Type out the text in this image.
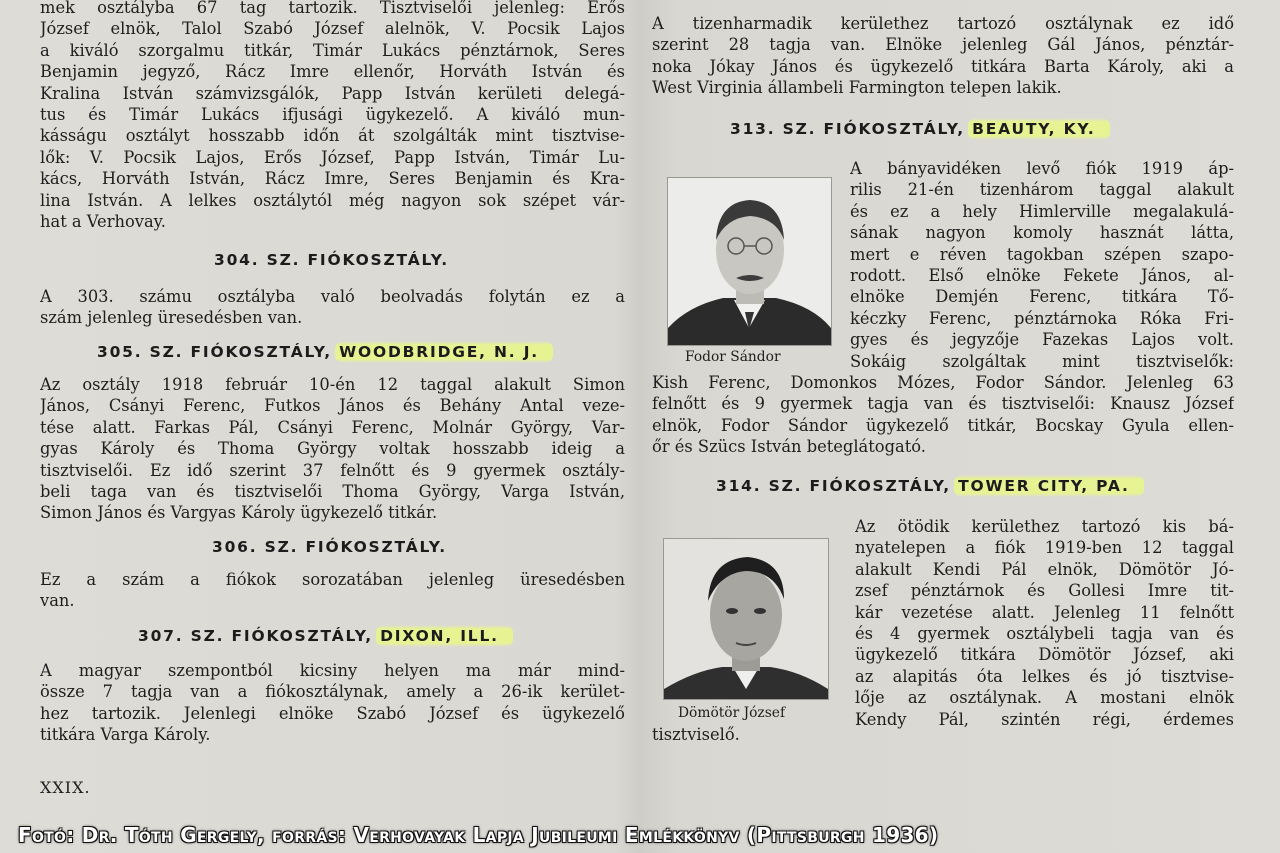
mek osztályba 67 tag tartozik. Tisztviselői jelenleg: Erős
József elnök, Talol Szabó József alelnök, V. Pocsik Lajos
a kiváló szorgalmu titkár, Timár Lukács pénztárnok, Seres
Benjamin jegyző, Rácz Imre ellenőr, Horváth István és
Kralina István számvizsgálók, Papp István kerületi delegá-
tus és Timár Lukács ifjusági ügykezelő. A kiváló mun-
kásságu osztályt hosszabb időn át szolgálták mint tisztvise-
lők: V. Pocsik Lajos, Erős József, Papp István, Timár Lu-
kács, Horváth István, Rácz Imre, Seres Benjamin és Kra-
lina István. A lelkes osztálytól még nagyon sok szépet vár-
hat a Verhovay.
304. SZ. FIÓKOSZTÁLY.
A 303. számu osztályba való beolvadás folytán ez a
szám jelenleg üresedésben van.
305. SZ. FIÓKOSZTÁLY, WOODBRIDGE, N. J.
Az osztály 1918 február 10-én 12 taggal alakult Simon
János, Csányi Ferenc, Futkos János és Behány Antal veze-
tése alatt. Farkas Pál, Csányi Ferenc, Molnár György, Var-
gyas Károly és Thoma György voltak hosszabb ideig a
tisztviselői. Ez idő szerint 37 felnőtt és 9 gyermek osztály-
beli taga van és tisztviselői Thoma György, Varga István,
Simon János és Vargyas Károly ügykezelő titkár.
306. SZ. FIÓKOSZTÁLY.
Ez a szám a fiókok sorozatában jelenleg üresedésben
van.
307. SZ. FIÓKOSZTÁLY, DIXON, ILL.
A magyar szempontból kicsiny helyen ma már mind-
össze 7 tagja van a fiókosztálynak, amely a 26-ik kerület-
hez tartozik. Jelenlegi elnöke Szabó József és ügykezelő
titkára Varga Károly.
XXIX.
A tizenharmadik kerülethez tartozó osztálynak ez idő
szerint 28 tagja van. Elnöke jelenleg Gál János, pénztár-
noka Jókay János és ügykezelő titkára Barta Károly, aki a
West Virginia állambeli Farmington telepen lakik.
313. SZ. FIÓKOSZTÁLY, BEAUTY, KY.
Fodor Sándor
A bányavidéken levő fiók 1919 áp-
rilis 21-én tizenhárom taggal alakult
és ez a hely Himlerville megalakulá-
sának nagyon komoly hasznát látta,
mert e réven tagokban szépen szapo-
rodott. Első elnöke Fekete János, al-
elnöke Demjén Ferenc, titkára Tő-
kéczky Ferenc, pénztárnoka Róka Fri-
gyes és jegyzője Fazekas Lajos volt.
Sokáig szolgáltak mint tisztviselők:
Kish Ferenc, Domonkos Mózes, Fodor Sándor. Jelenleg 63
felnőtt és 9 gyermek tagja van és tisztviselői: Knausz József
elnök, Fodor Sándor ügykezelő titkár, Bocskay Gyula ellen-
őr és Szücs István beteglátogató.
314. SZ. FIÓKOSZTÁLY, TOWER CITY, PA.
Dömötör József
Az ötödik kerülethez tartozó kis bá-
nyatelepen a fiók 1919-ben 12 taggal
alakult Kendi Pál elnök, Dömötör Jó-
zsef pénztárnok és Gollesi Imre tit-
kár vezetése alatt. Jelenleg 11 felnőtt
és 4 gyermek osztálybeli tagja van és
ügykezelő titkára Dömötör József, aki
az alapitás óta lelkes és jó tisztvise-
lője az osztálynak. A mostani elnök
Kendy Pál, szintén régi, érdemes
tisztviselő.
Fotó: Dr. Tóth Gergely, forrás: Verhovayak Lapja Jubileumi Emlékkönyv (Pittsburgh 1936)
